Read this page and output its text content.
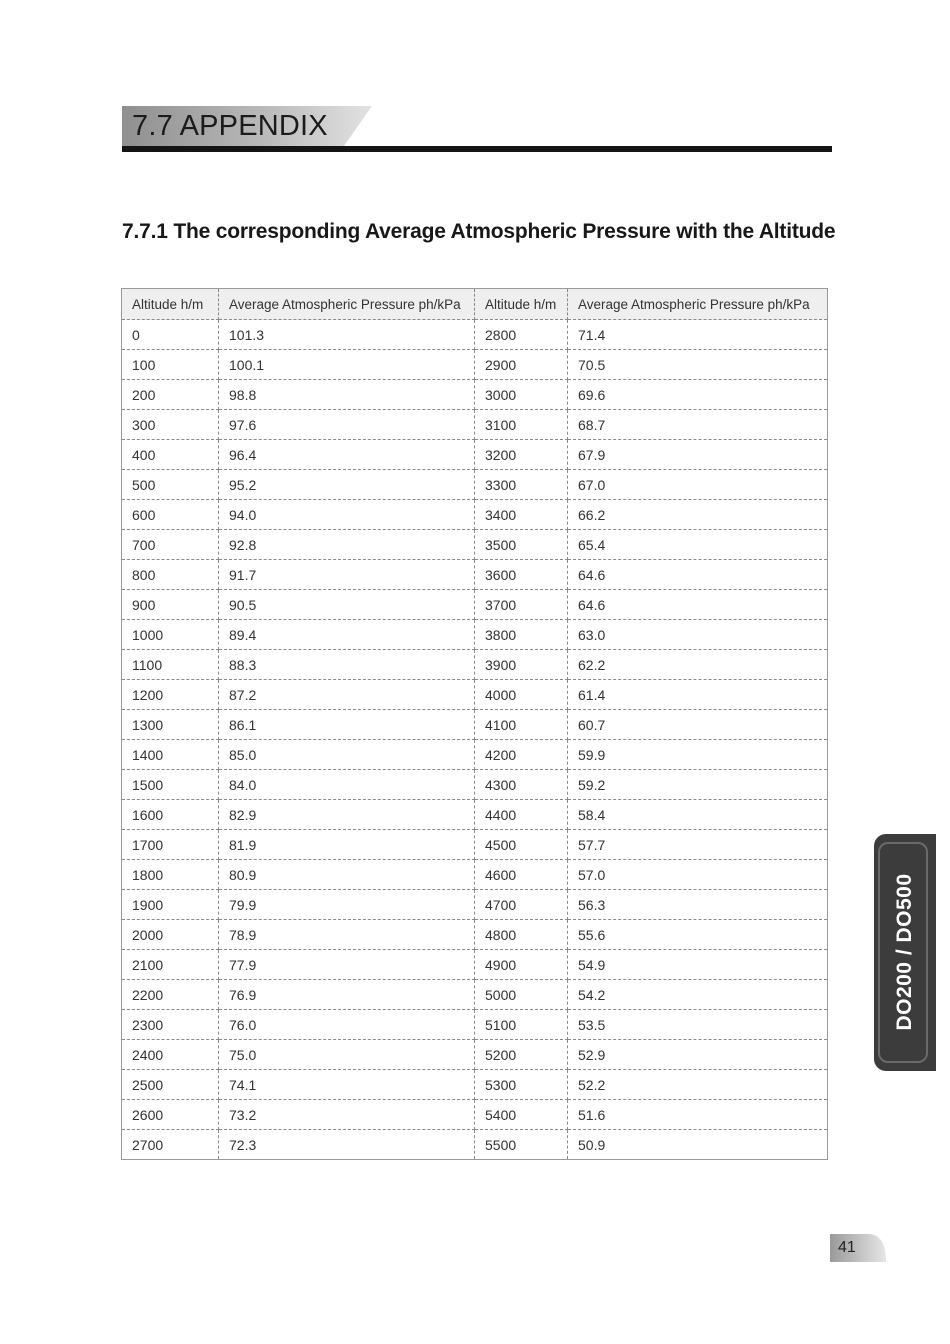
7.7 APPENDIX
7.7.1 The corresponding Average Atmospheric Pressure with the Altitude
Altitude h/m	Average Atmospheric Pressure ph/kPa	Altitude h/m	Average Atmospheric Pressure ph/kPa
0	101.3	2800	71.4
100	100.1	2900	70.5
200	98.8	3000	69.6
300	97.6	3100	68.7
400	96.4	3200	67.9
500	95.2	3300	67.0
600	94.0	3400	66.2
700	92.8	3500	65.4
800	91.7	3600	64.6
900	90.5	3700	64.6
1000	89.4	3800	63.0
1100	88.3	3900	62.2
1200	87.2	4000	61.4
1300	86.1	4100	60.7
1400	85.0	4200	59.9
1500	84.0	4300	59.2
1600	82.9	4400	58.4
1700	81.9	4500	57.7
1800	80.9	4600	57.0
1900	79.9	4700	56.3
2000	78.9	4800	55.6
2100	77.9	4900	54.9
2200	76.9	5000	54.2
2300	76.0	5100	53.5
2400	75.0	5200	52.9
2500	74.1	5300	52.2
2600	73.2	5400	51.6
2700	72.3	5500	50.9
DO200 / DO500
41
